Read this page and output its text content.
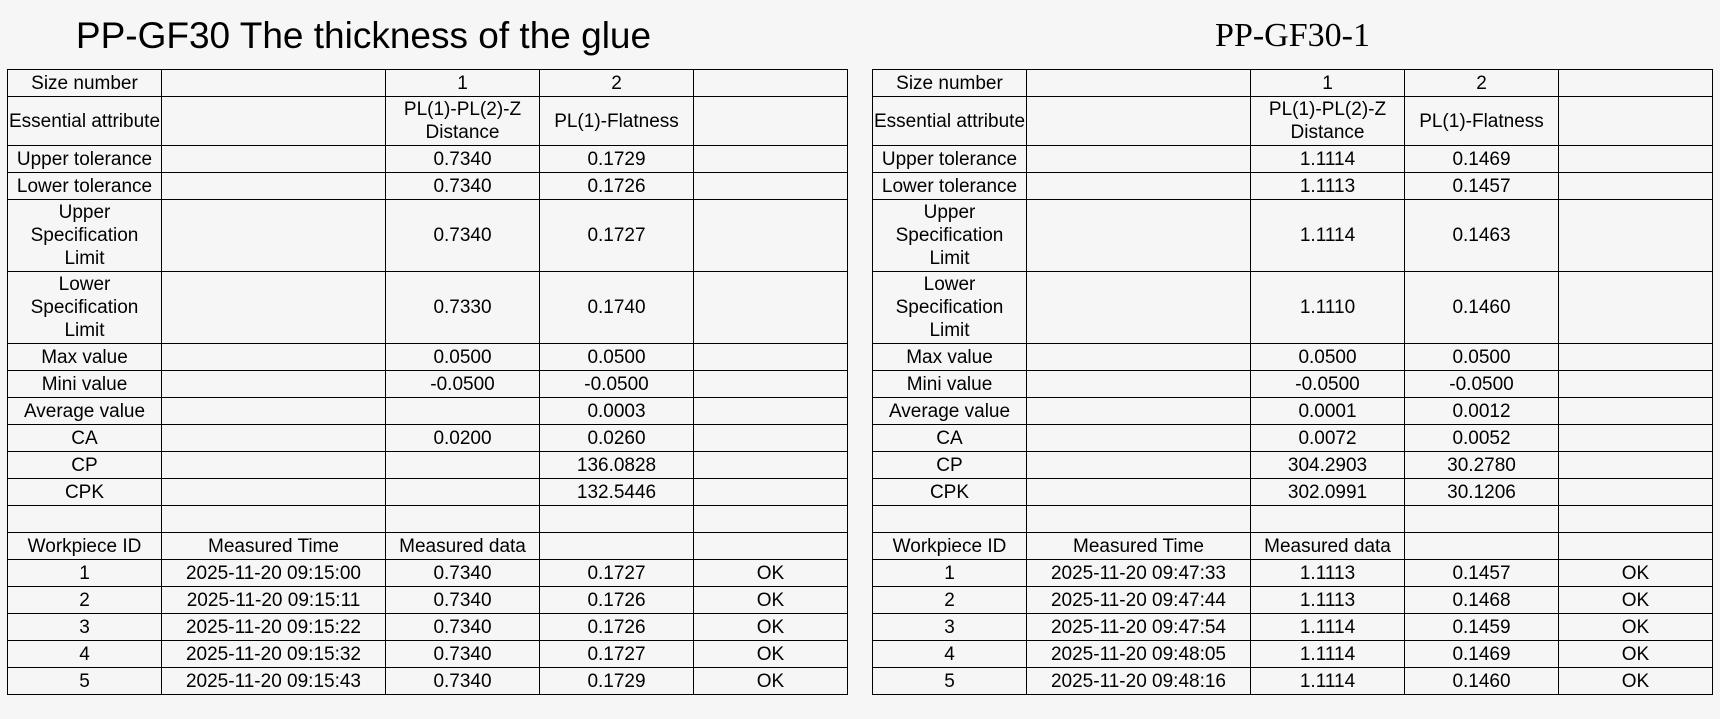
PP-GF30 The thickness of the glue
Size number		1	2	
Essential attribute		PL(1)-PL(2)-Z Distance	PL(1)-Flatness	
Upper tolerance		0.7340	0.1729	
Lower tolerance		0.7340	0.1726	
Upper Specification Limit		0.7340	0.1727	
Lower Specification Limit		0.7330	0.1740	
Max value		0.0500	0.0500	
Mini value		-0.0500	-0.0500	
Average value			0.0003	
CA		0.0200	0.0260	
CP			136.0828	
CPK			132.5446	

Workpiece ID	Measured Time	Measured data		
1	2025-11-20 09:15:00	0.7340	0.1727	OK
2	2025-11-20 09:15:11	0.7340	0.1726	OK
3	2025-11-20 09:15:22	0.7340	0.1726	OK
4	2025-11-20 09:15:32	0.7340	0.1727	OK
5	2025-11-20 09:15:43	0.7340	0.1729	OK
PP-GF30-1
Size number		1	2	
Essential attribute		PL(1)-PL(2)-Z Distance	PL(1)-Flatness	
Upper tolerance		1.1114	0.1469	
Lower tolerance		1.1113	0.1457	
Upper Specification Limit		1.1114	0.1463	
Lower Specification Limit		1.1110	0.1460	
Max value		0.0500	0.0500	
Mini value		-0.0500	-0.0500	
Average value		0.0001	0.0012	
CA		0.0072	0.0052	
CP		304.2903	30.2780	
CPK		302.0991	30.1206	

Workpiece ID	Measured Time	Measured data		
1	2025-11-20 09:47:33	1.1113	0.1457	OK
2	2025-11-20 09:47:44	1.1113	0.1468	OK
3	2025-11-20 09:47:54	1.1114	0.1459	OK
4	2025-11-20 09:48:05	1.1114	0.1469	OK
5	2025-11-20 09:48:16	1.1114	0.1460	OK
